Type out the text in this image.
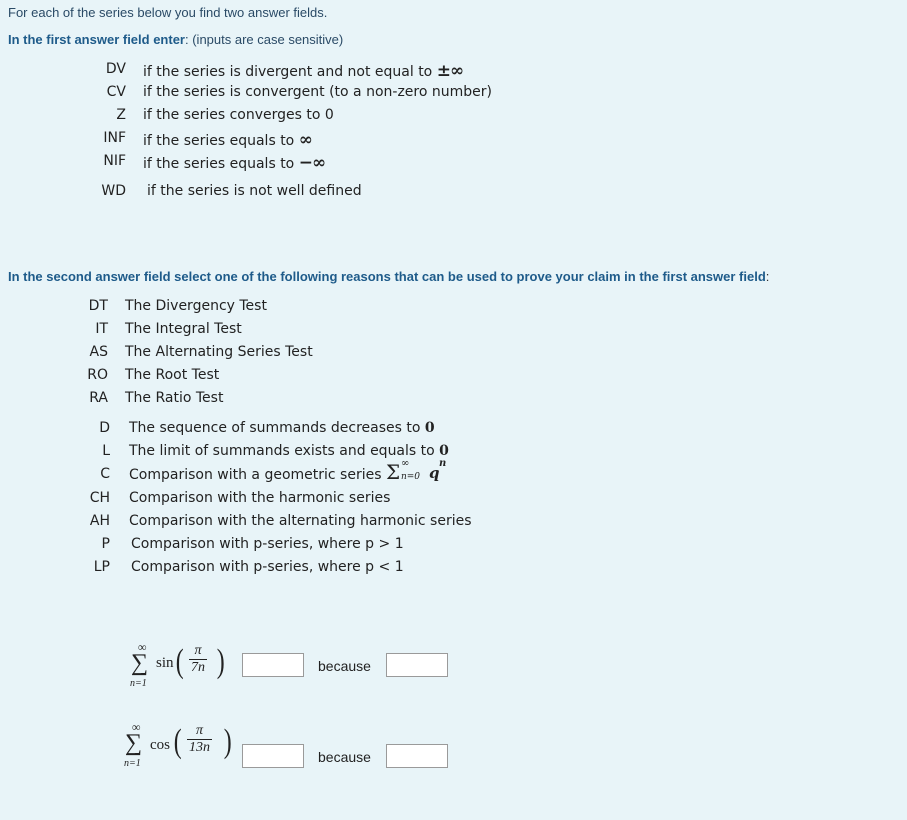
For each of the series below you find two answer fields.
In the first answer field enter: (inputs are case sensitive)
DV if the series is divergent and not equal to ±∞
CV if the series is convergent (to a non-zero number)
Z if the series converges to 0
INF if the series equals to ∞
NIF if the series equals to −∞
WD if the series is not well defined
In the second answer field select one of the following reasons that can be used to prove your claim in the first answer field:
DT The Divergency Test
IT The Integral Test
AS The Alternating Series Test
RO The Root Test
RA The Ratio Test
D The sequence of summands decreases to 0
L The limit of summands exists and equals to 0
C Comparison with a geometric series Σ ∞
n=0 q
n
CH Comparison with the harmonic series
AH Comparison with the alternating harmonic series
P Comparison with p-series, where p > 1
LP Comparison with p-series, where p < 1
∞
∑
n=1
sin ( $\frac{\pi}{7n}$ )	because
∞
∑
n=1
cos ( $\frac{\pi}{13n}$ )	because
